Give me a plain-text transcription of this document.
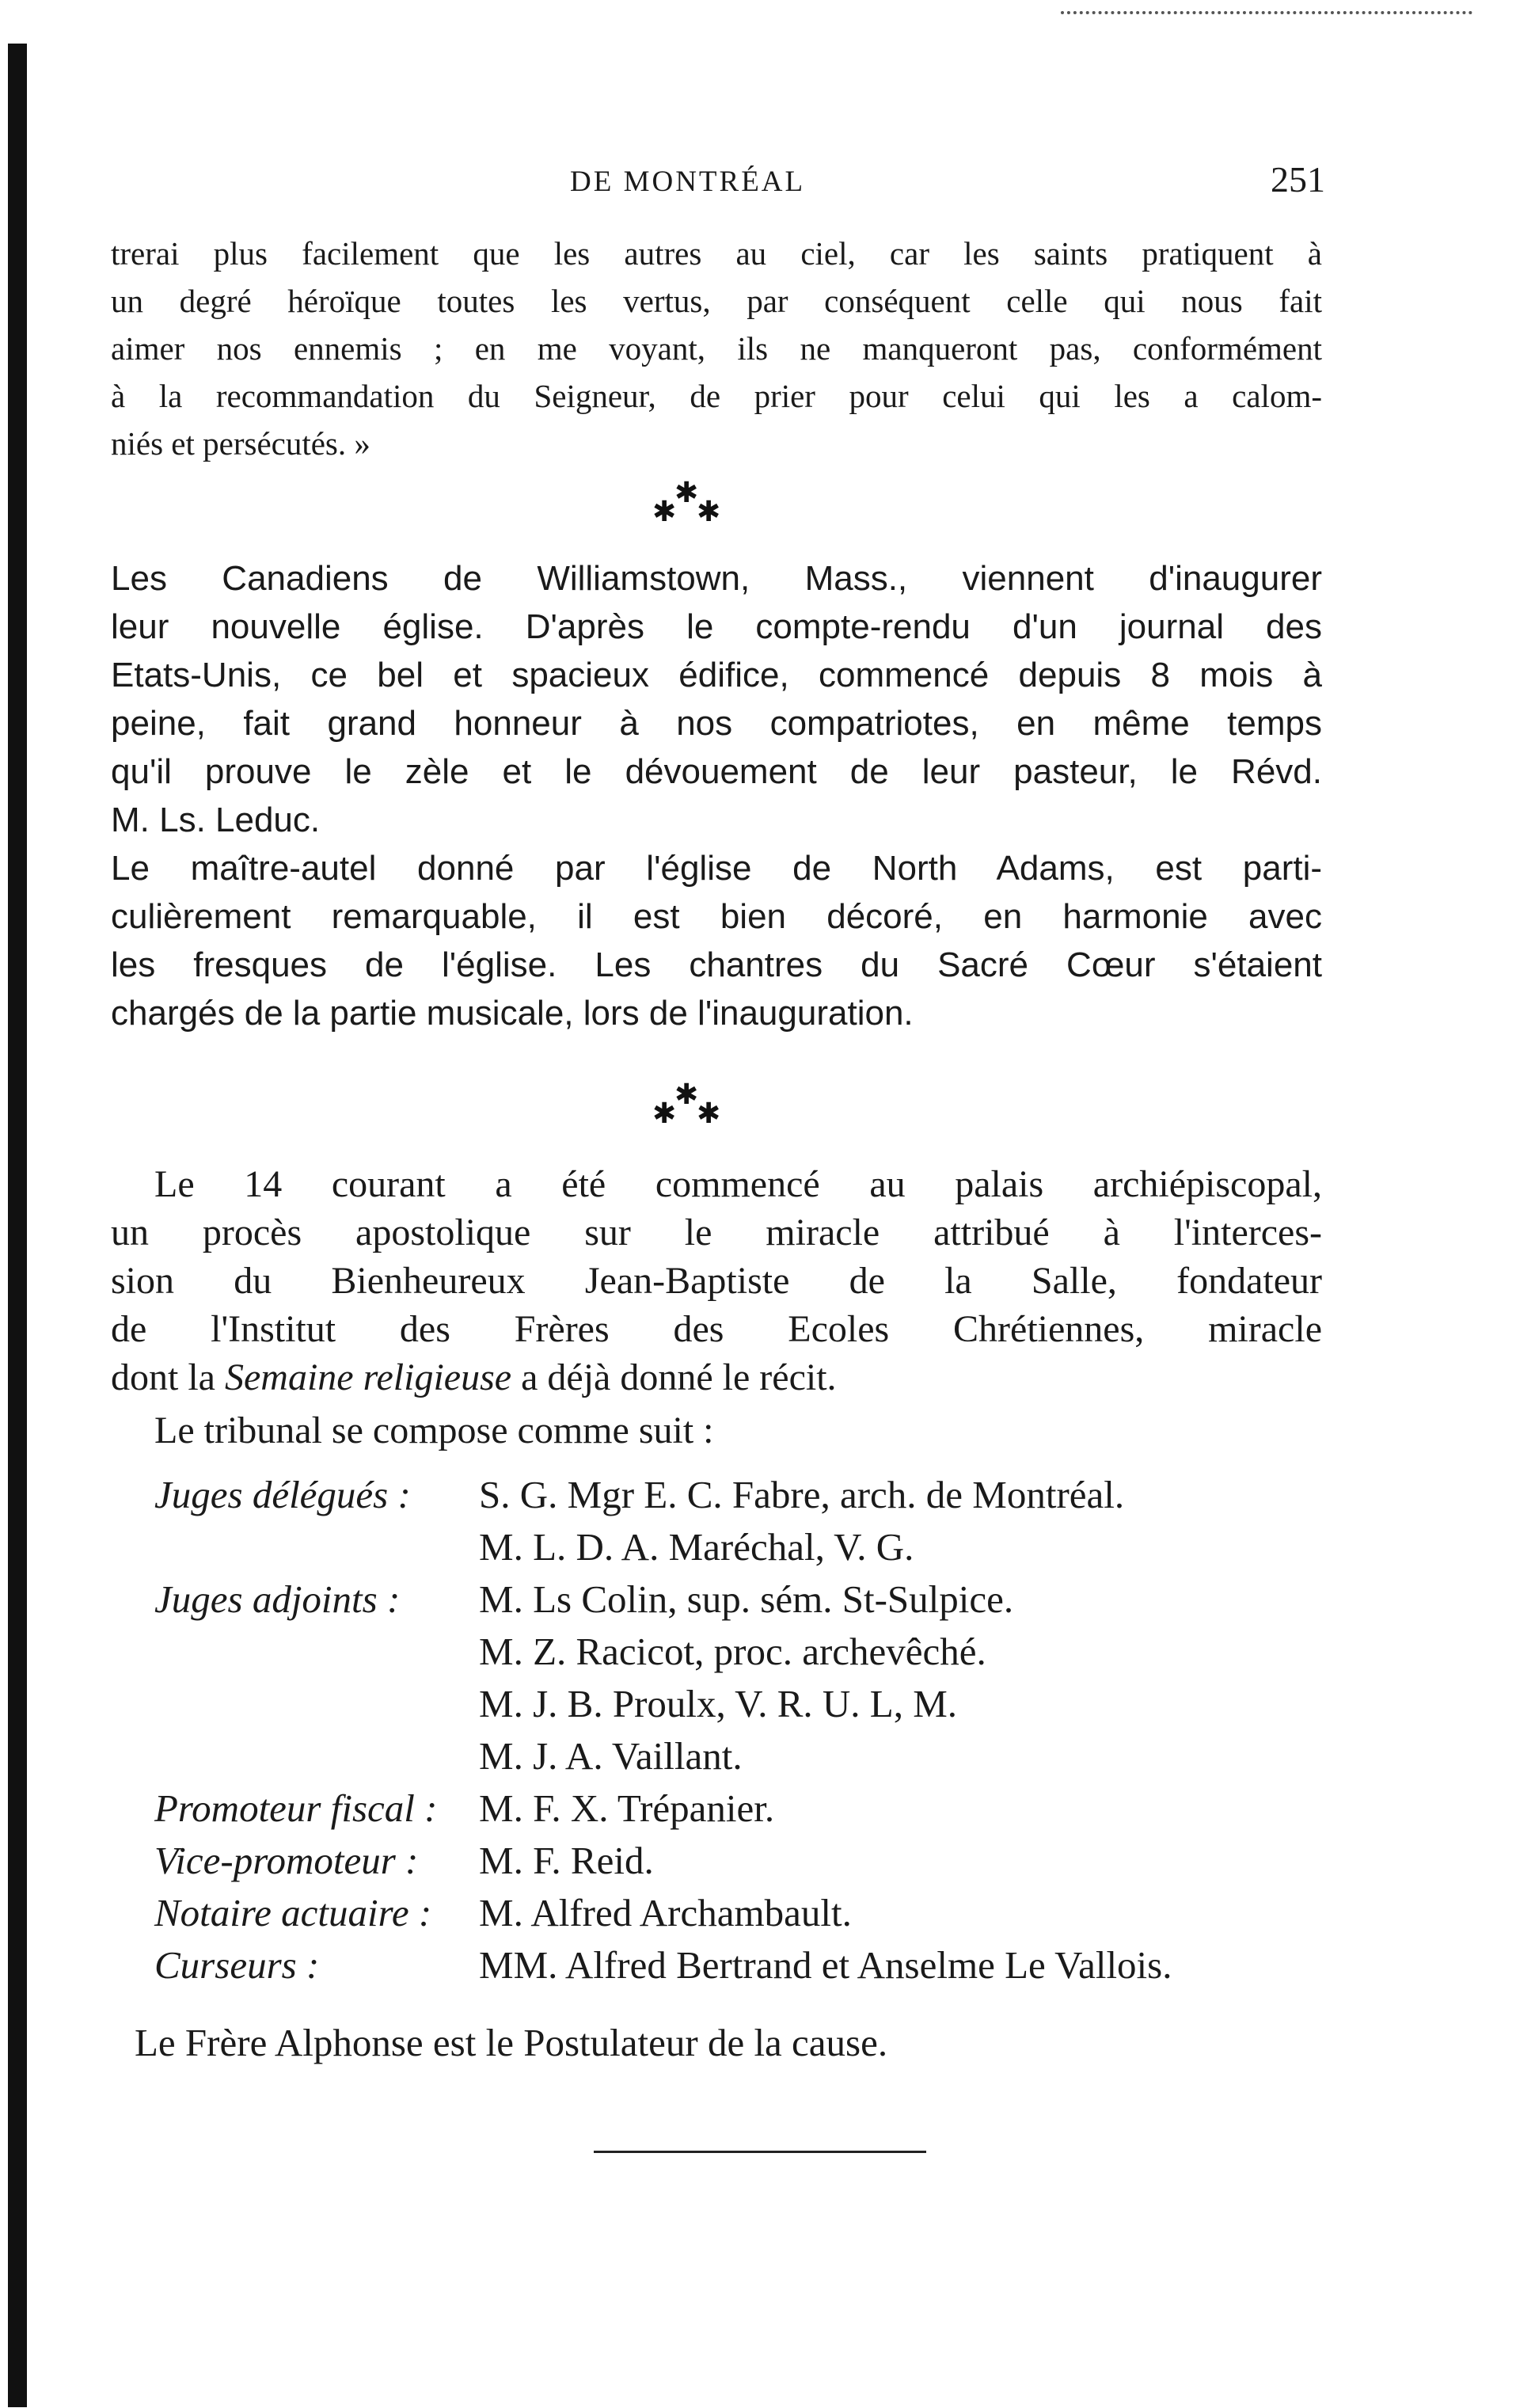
DE MONTRÉAL	251
trerai plus facilement que les autres au ciel, car les saints pratiquent à
un degré héroïque toutes les vertus, par conséquent celle qui nous fait
aimer nos ennemis ; en me voyant, ils ne manqueront pas, conformément
à la recommandation du Seigneur, de prier pour celui qui les a calom-
niés et persécutés. »
✱
✱ ✱
Les Canadiens de Williamstown, Mass., viennent d'inaugurer
leur nouvelle église. D'après le compte-rendu d'un journal des
Etats-Unis, ce bel et spacieux édifice, commencé depuis 8 mois à
peine, fait grand honneur à nos compatriotes, en même temps
qu'il prouve le zèle et le dévouement de leur pasteur, le Révd.
M. Ls. Leduc.
Le maître-autel donné par l'église de North Adams, est parti-
culièrement remarquable, il est bien décoré, en harmonie avec
les fresques de l'église. Les chantres du Sacré Cœur s'étaient
chargés de la partie musicale, lors de l'inauguration.
✱
✱ ✱
Le 14 courant a été commencé au palais archiépiscopal,
un procès apostolique sur le miracle attribué à l'interces-
sion du Bienheureux Jean-Baptiste de la Salle, fondateur
de l'Institut des Frères des Ecoles Chrétiennes, miracle
dont la Semaine religieuse a déjà donné le récit.
Le tribunal se compose comme suit :
Juges délégués : S. G. Mgr E. C. Fabre, arch. de Montréal.
M. L. D. A. Maréchal, V. G.
Juges adjoints : M. Ls Colin, sup. sém. St-Sulpice.
M. Z. Racicot, proc. archevêché.
M. J. B. Proulx, V. R. U. L, M.
M. J. A. Vaillant.
Promoteur fiscal : M. F. X. Trépanier.
Vice-promoteur : M. F. Reid.
Notaire actuaire : M. Alfred Archambault.
Curseurs :	MM. Alfred Bertrand et Anselme Le Vallois.
Le Frère Alphonse est le Postulateur de la cause.
